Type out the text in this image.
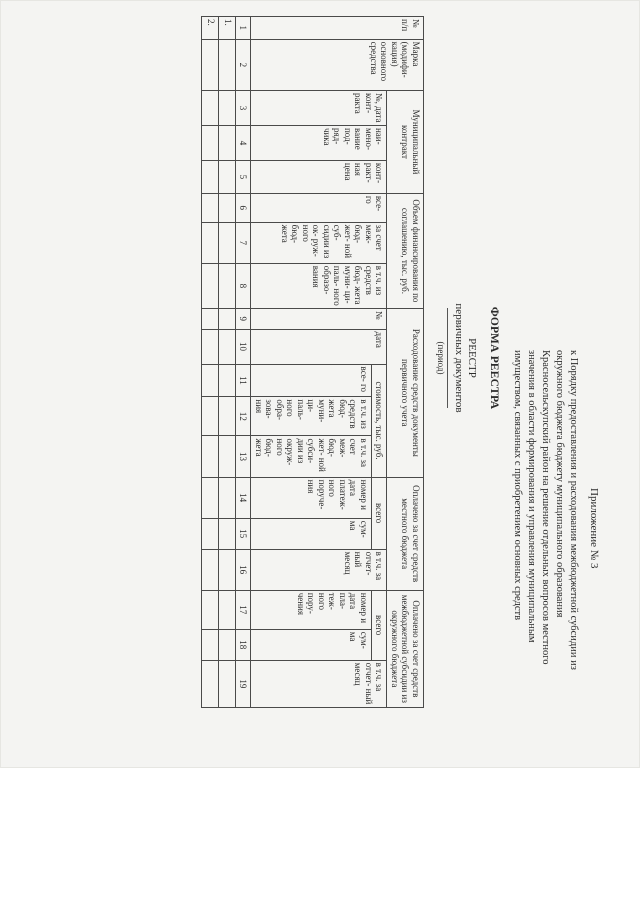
Приложение № 3
к Порядку предоставления и расходования межбюджетной субсидии из окружного бюджета бюджету муниципального образования Красносельскупский район на решение отдельных вопросов местного значения в области формирования и управления муниципальным имуществом, связанных с приобретением основных средств
ФОРМА РЕЕСТРА
РЕЕСТР
первичных документов
(период)
№ п/п	Марка (модифи- кация) основного средства	Муниципальный контракт			Объем финансирования по соглашению, тыс. руб.			Расходование средств документы первичного учета					Оплачено за счет средств местного бюджета			Оплачено за счет средств межбюджетной субсидии из окружного бюджета		
		№, дата конт- ракта	наи- мено- вание под- ряд- чика	конт- ракт- ная цена	все- го	за счет меж- бюд- жет- ной суб- сидии из ок- руж- ного бюд- жета	в т.ч. из средств бюд- жета муни- ци- паль- ного образо- вания	№	дата	стоимость, тыс. руб.			всего		в т.ч. за отчет- ный месяц	всего		в т.ч. за отчет- ный месяц
										все- го	в т.ч. из средств бюд- жета муни- ци- паль- ного обра- зова- ния	в т.ч. за счет меж- бюд- жет- ной субси- дии из окруж- ного бюд- жета	номер и дата платеж- ного поруче- ния	сум- ма		номер и дата пла- теж- ного пору- чения	сум- ма	

1	2	3	4	5	6	7	8	9	10	11	12	13	14	15	16	17	18	19
1.																		
2.																		
